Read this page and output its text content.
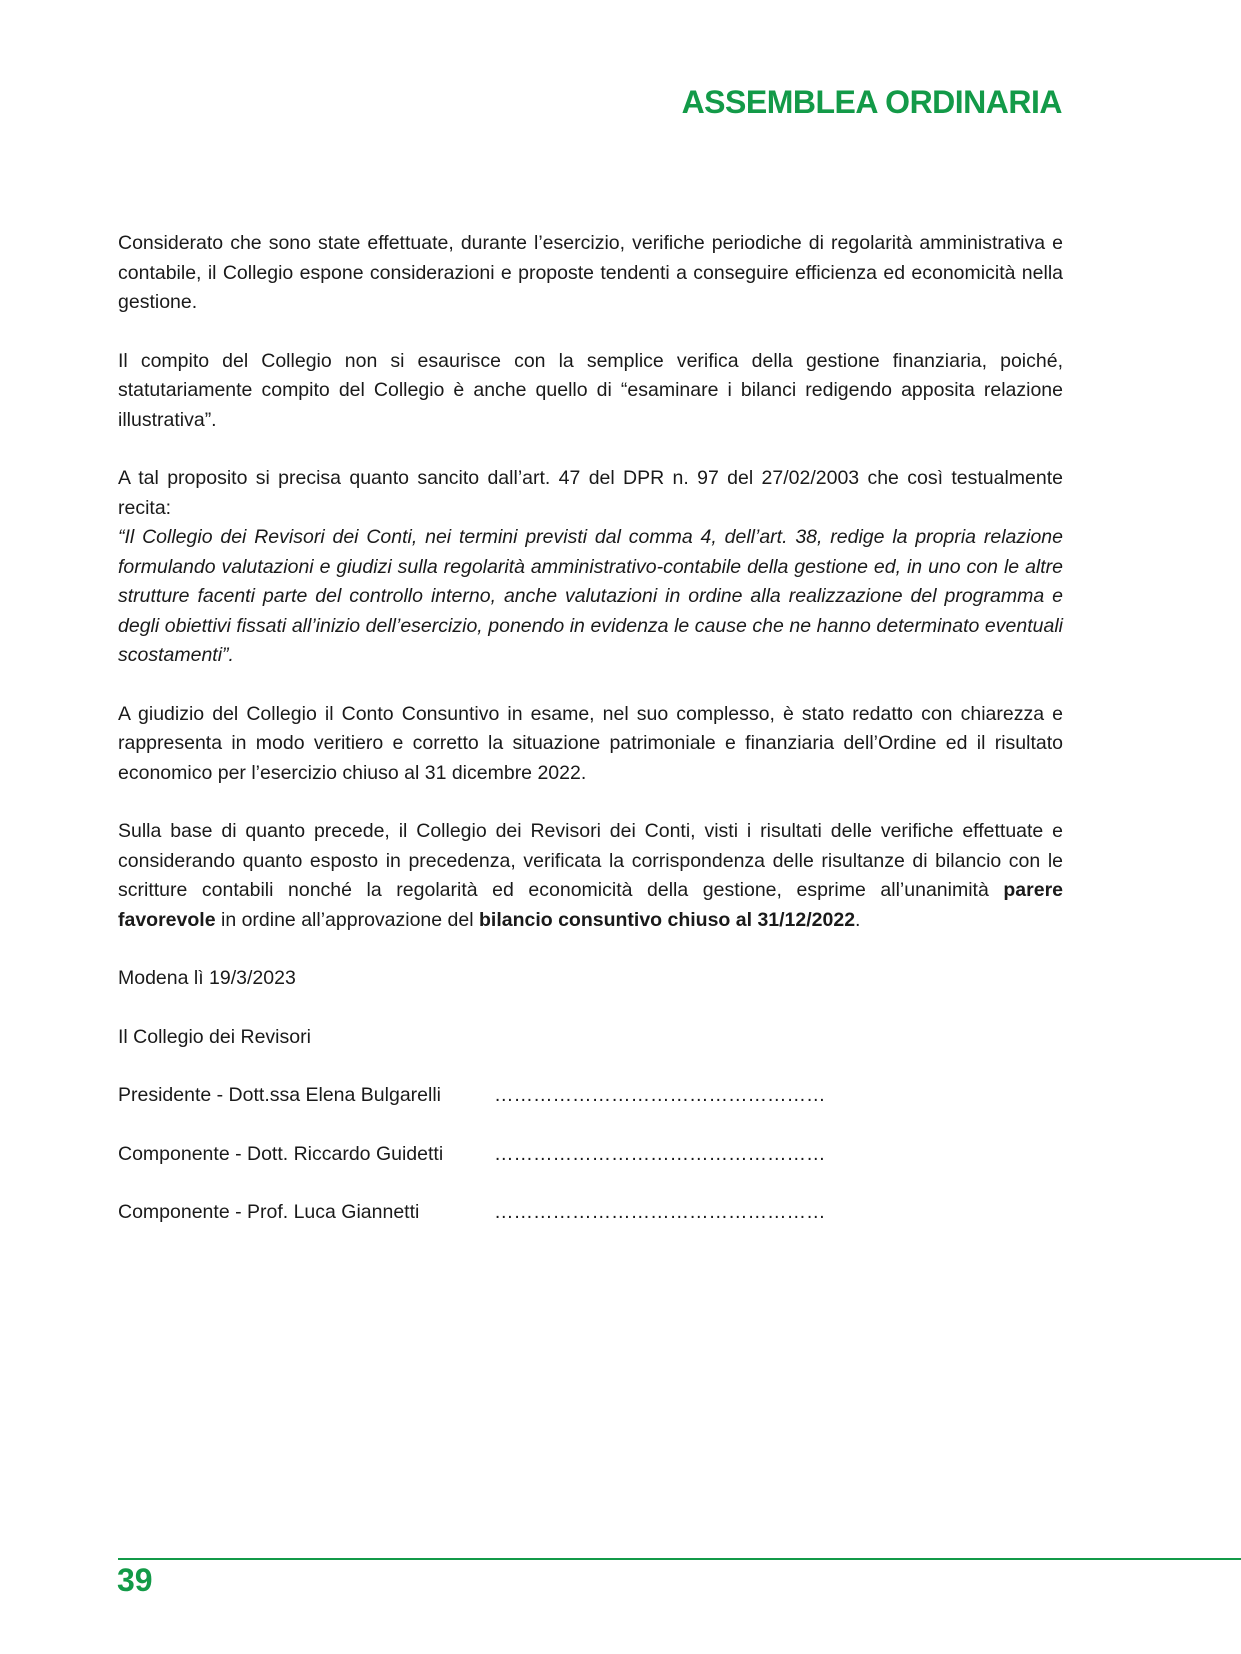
ASSEMBLEA ORDINARIA

Considerato che sono state effettuate, durante l’esercizio, verifiche periodiche di regolarità amministrativa e contabile, il Collegio espone considerazioni e proposte tendenti a conseguire efficienza ed economicità nella gestione.

Il compito del Collegio non si esaurisce con la semplice verifica della gestione finanziaria, poiché, statutariamente compito del Collegio è anche quello di “esaminare i bilanci redigendo apposita relazione illustrativa”.

A tal proposito si precisa quanto sancito dall’art. 47 del DPR n. 97 del 27/02/2003 che così testualmente recita:

“Il Collegio dei Revisori dei Conti, nei termini previsti dal comma 4, dell’art. 38, redige la propria relazione formulando valutazioni e giudizi sulla regolarità amministrativo-contabile della gestione ed, in uno con le altre strutture facenti parte del controllo interno, anche valutazioni in ordine alla realizzazione del programma e degli obiettivi fissati all’inizio dell’esercizio, ponendo in evidenza le cause che ne hanno determinato eventuali scostamenti”.

A giudizio del Collegio il Conto Consuntivo in esame, nel suo complesso, è stato redatto con chiarezza e rappresenta in modo veritiero e corretto la situazione patrimoniale e finanziaria dell’Ordine ed il risultato economico per l’esercizio chiuso al 31 dicembre 2022.

Sulla base di quanto precede, il Collegio dei Revisori dei Conti, visti i risultati delle verifiche effettuate e considerando quanto esposto in precedenza, verificata la corrispondenza delle risultanze di bilancio con le scritture contabili nonché la regolarità ed economicità della gestione, esprime all’unanimità parere favorevole in ordine all’approvazione del bilancio consuntivo chiuso al 31/12/2022.

Modena lì 19/3/2023

Il Collegio dei Revisori

Presidente - Dott.ssa Elena Bulgarelli	……………………………………………
Componente - Dott. Riccardo Guidetti	……………………………………………
Componente - Prof. Luca Giannetti	……………………………………………
39
